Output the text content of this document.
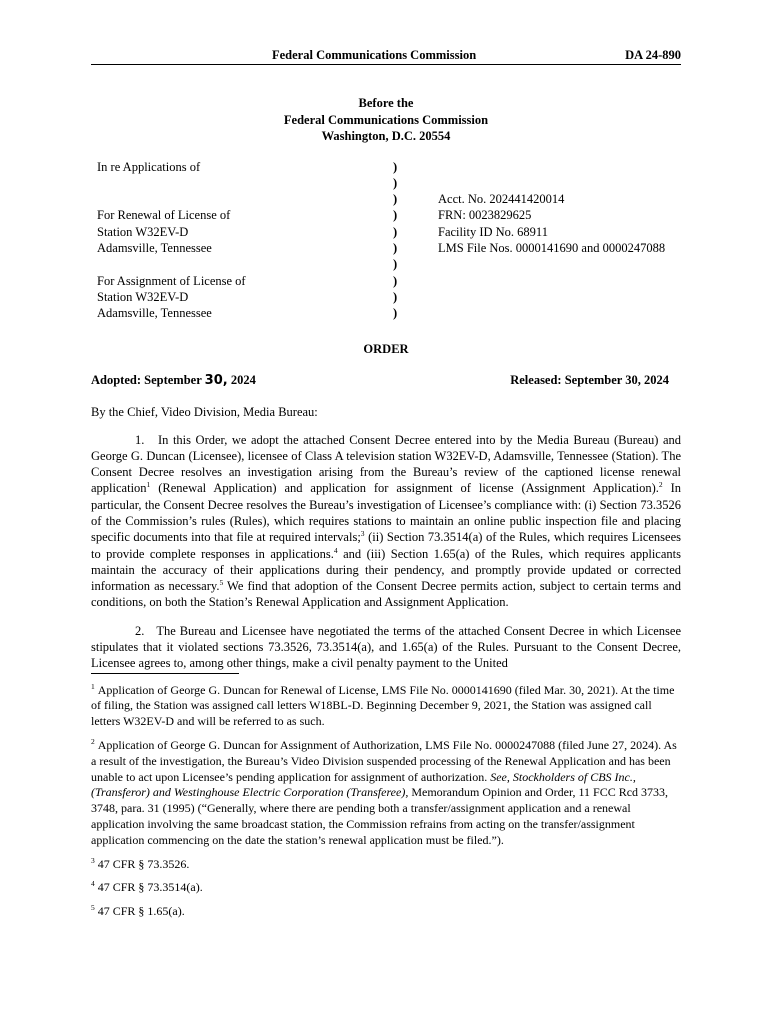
Federal Communications Commission	DA 24-890
Before the
Federal Communications Commission
Washington, D.C. 20554
In re Applications of
For Renewal of License of
Station W32EV-D
Adamsville, Tennessee
For Assignment of License of
Station W32EV-D
Adamsville, Tennessee
)
)
)
)
)
)
)
)
)
)
Acct. No. 202441420014
FRN: 0023829625
Facility ID No. 68911
LMS File Nos. 0000141690 and 0000247088
ORDER
Adopted: September 30, 2024	Released: September 30, 2024
By the Chief, Video Division, Media Bureau:

1. In this Order, we adopt the attached Consent Decree entered into by the Media Bureau (Bureau) and George G. Duncan (Licensee), licensee of Class A television station W32EV-D, Adamsville, Tennessee (Station). The Consent Decree resolves an investigation arising from the Bureau’s review of the captioned license renewal application$^1$ (Renewal Application) and application for assignment of license (Assignment Application).$^2$ In particular, the Consent Decree resolves the Bureau’s investigation of Licensee’s compliance with: (i) Section 73.3526 of the Commission’s rules (Rules), which requires stations to maintain an online public inspection file and placing specific documents into that file at required intervals;$^3$ (ii) Section 73.3514(a) of the Rules, which requires Licensees to provide complete responses in applications.$^4$ and (iii) Section 1.65(a) of the Rules, which requires applicants maintain the accuracy of their applications during their pendency, and promptly provide updated or corrected information as necessary.$^5$ We find that adoption of the Consent Decree permits action, subject to certain terms and conditions, on both the Station’s Renewal Application and Assignment Application.

2. The Bureau and Licensee have negotiated the terms of the attached Consent Decree in which Licensee stipulates that it violated sections 73.3526, 73.3514(a), and 1.65(a) of the Rules. Pursuant to the Consent Decree, Licensee agrees to, among other things, make a civil penalty payment to the United

$^1$ Application of George G. Duncan for Renewal of License, LMS File No. 0000141690 (filed Mar. 30, 2021). At the time of filing, the Station was assigned call letters W18BL-D. Beginning December 9, 2021, the Station was assigned call letters W32EV-D and will be referred to as such.
$^2$ Application of George G. Duncan for Assignment of Authorization, LMS File No. 0000247088 (filed June 27, 2024). As a result of the investigation, the Bureau’s Video Division suspended processing of the Renewal Application and has been unable to act upon Licensee’s pending application for assignment of authorization. See, Stockholders of CBS Inc., (Transferor) and Westinghouse Electric Corporation (Transferee), Memorandum Opinion and Order, 11 FCC Rcd 3733, 3748, para. 31 (1995) (“Generally, where there are pending both a transfer/assignment application and a renewal application involving the same broadcast station, the Commission refrains from acting on the transfer/assignment application commencing on the date the station’s renewal application must be filed.”).
$^3$ 47 CFR § 73.3526.
$^4$ 47 CFR § 73.3514(a).
$^5$ 47 CFR § 1.65(a).
